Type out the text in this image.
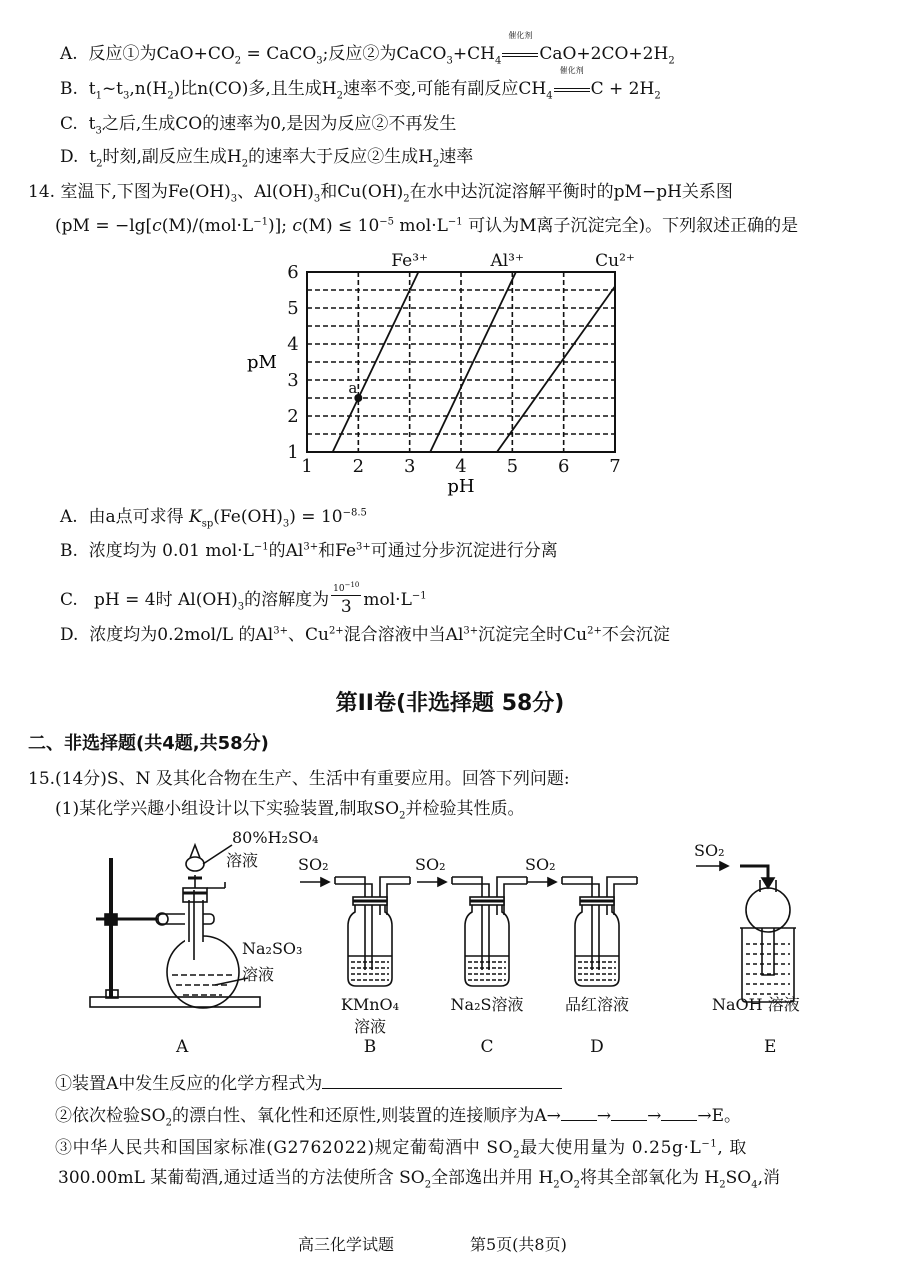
A. 反应①为$CaO+CO_2$ = CaCO$_3$;反应②为$CaCO_3+CH_4$
催化剂
$CaO+2CO+2H_2$
B. $t_1\sim t_3,n(H_2)$比n(CO)多,且生成$H_2$速率不变,可能有副反应$CH_4$
催化剂
$C + 2H_2$
C. $t_3$之后,生成CO的速率为0,是因为反应②不再发生
D. $t_2$时刻,副反应生成$H_2$的速率大于反应②生成$H_2$速率
14. 室温下,下图为$Fe(OH)_3$、$Al(OH)_3$和$Cu(OH)_2$在水中达沉淀溶解平衡时的pM−pH关系图
($pM = -\lg[c(M)/(mol\cdot L^{-1})]$; $c(M) \le 10^{-5}$ $mol\cdot L^{-1}$ 可认为M离子沉淀完全)。下列叙述正确的是
Fe³⁺	Al³⁺	Cu²⁺
a
1 2 3 4 5 6 7
1
2
3
4
5
6
pH
pM
A. 由a点可求得 $K_{sp}(Fe(OH)_3) = 10^{-8.5}$
B. 浓度均为 0.01 $mol\cdot L^{-1}$的$Al^{3+}$和$Fe^{3+}$可通过分步沉淀进行分离
C. pH = 4时 $Al(OH)_3$的溶解度为 $\frac{10^{-10}}{3} mol\cdot L^{-1}$
D. 浓度均为0.2mol/L 的$Al^{3+}$、$Cu^{2+}$混合溶液中当$Al^{3+}$沉淀完全时$Cu^{2+}$不会沉淀
第II卷(非选择题 58分)
二、非选择题(共4题,共58分)
15.(14分)S、N 及其化合物在生产、生活中有重要应用。回答下列问题:
(1)某化学兴趣小组设计以下实验装置,制取$SO_2$并检验其性质。
80%H₂SO₄
溶液
Na₂SO₃
溶液
A
SO₂
KMnO₄
溶液
B
SO₂
Na₂S溶液
C
SO₂
品红溶液
D
SO₂
NaOH 溶液
E
①装置A中发生反应的化学方程式为
②依次检验$SO_2$的漂白性、氧化性和还原性,则装置的连接顺序为A→ → → →E。
③中华人民共和国国家标准(G2762022)规定葡萄酒中 $SO_2$最大使用量为 $0.25g\cdot L^{-1}$, 取
300.00mL 某葡萄酒,通过适当的方法使所含 $SO_2$全部逸出并用 $H_2O_2$将其全部氧化为 $H_2SO_4$,消
高三化学试题	第5页(共8页)
